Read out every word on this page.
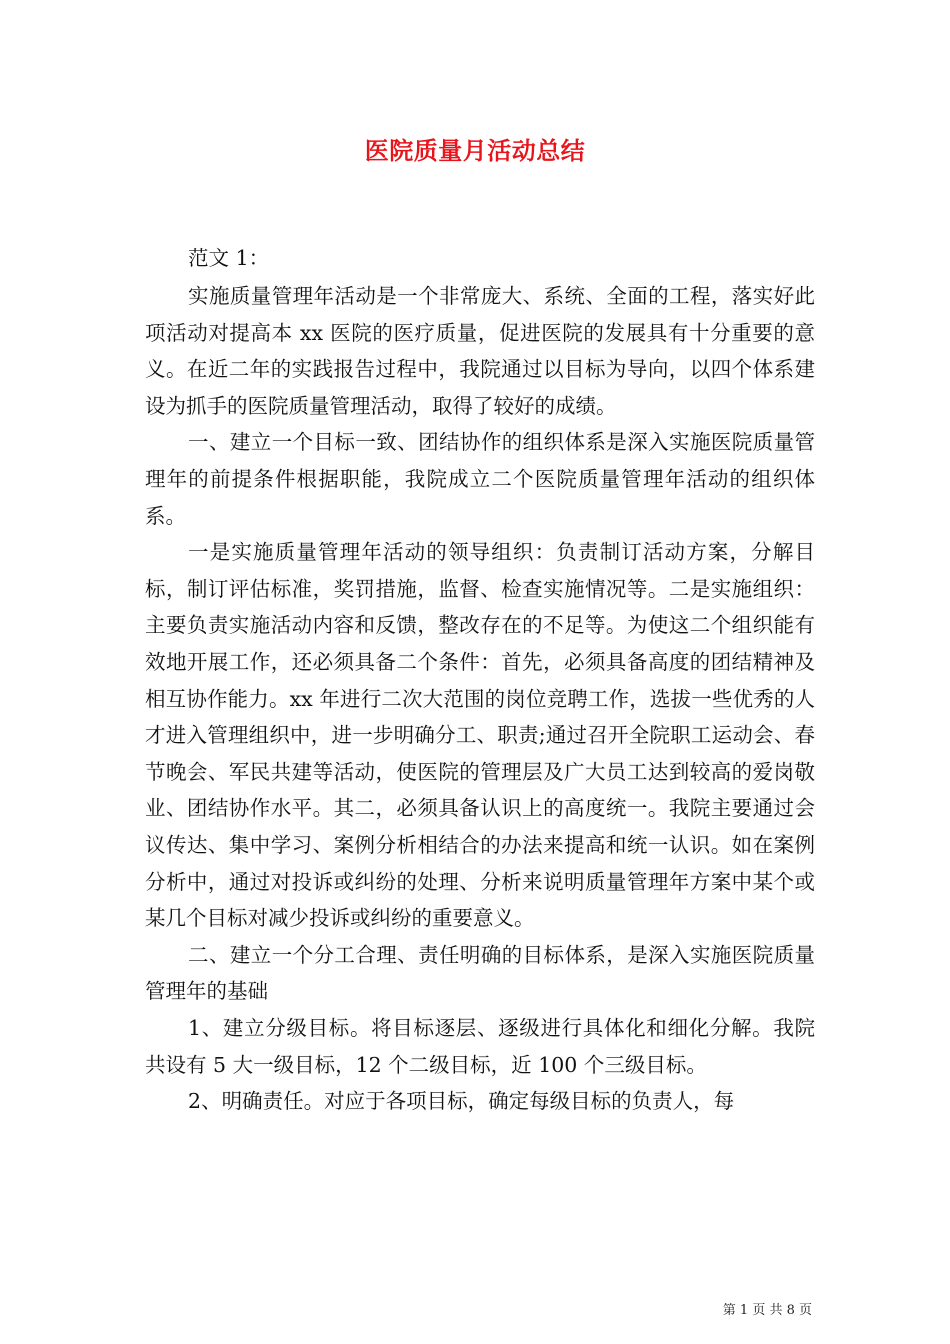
医院质量月活动总结

范文 1：

实施质量管理年活动是一个非常庞大、系统、全面的工程，落实好此项活动对提高本 xx 医院的医疗质量，促进医院的发展具有十分重要的意义。在近二年的实践报告过程中，我院通过以目标为导向，以四个体系建设为抓手的医院质量管理活动，取得了较好的成绩。

一、建立一个目标一致、团结协作的组织体系是深入实施医院质量管理年的前提条件根据职能，我院成立二个医院质量管理年活动的组织体系。

一是实施质量管理年活动的领导组织：负责制订活动方案，分解目标，制订评估标准，奖罚措施，监督、检查实施情况等。二是实施组织：主要负责实施活动内容和反馈，整改存在的不足等。为使这二个组织能有效地开展工作，还必须具备二个条件：首先，必须具备高度的团结精神及相互协作能力。xx 年进行二次大范围的岗位竞聘工作，选拔一些优秀的人才进入管理组织中，进一步明确分工、职责;通过召开全院职工运动会、春节晚会、军民共建等活动，使医院的管理层及广大员工达到较高的爱岗敬业、团结协作水平。其二，必须具备认识上的高度统一。我院主要通过会议传达、集中学习、案例分析相结合的办法来提高和统一认识。如在案例分析中，通过对投诉或纠纷的处理、分析来说明质量管理年方案中某个或某几个目标对减少投诉或纠纷的重要意义。

二、建立一个分工合理、责任明确的目标体系，是深入实施医院质量管理年的基础

1、建立分级目标。将目标逐层、逐级进行具体化和细化分解。我院共设有 5 大一级目标，12 个二级目标，近 100 个三级目标。

2、明确责任。对应于各项目标，确定每级目标的负责人，每

第 1 页 共 8 页
